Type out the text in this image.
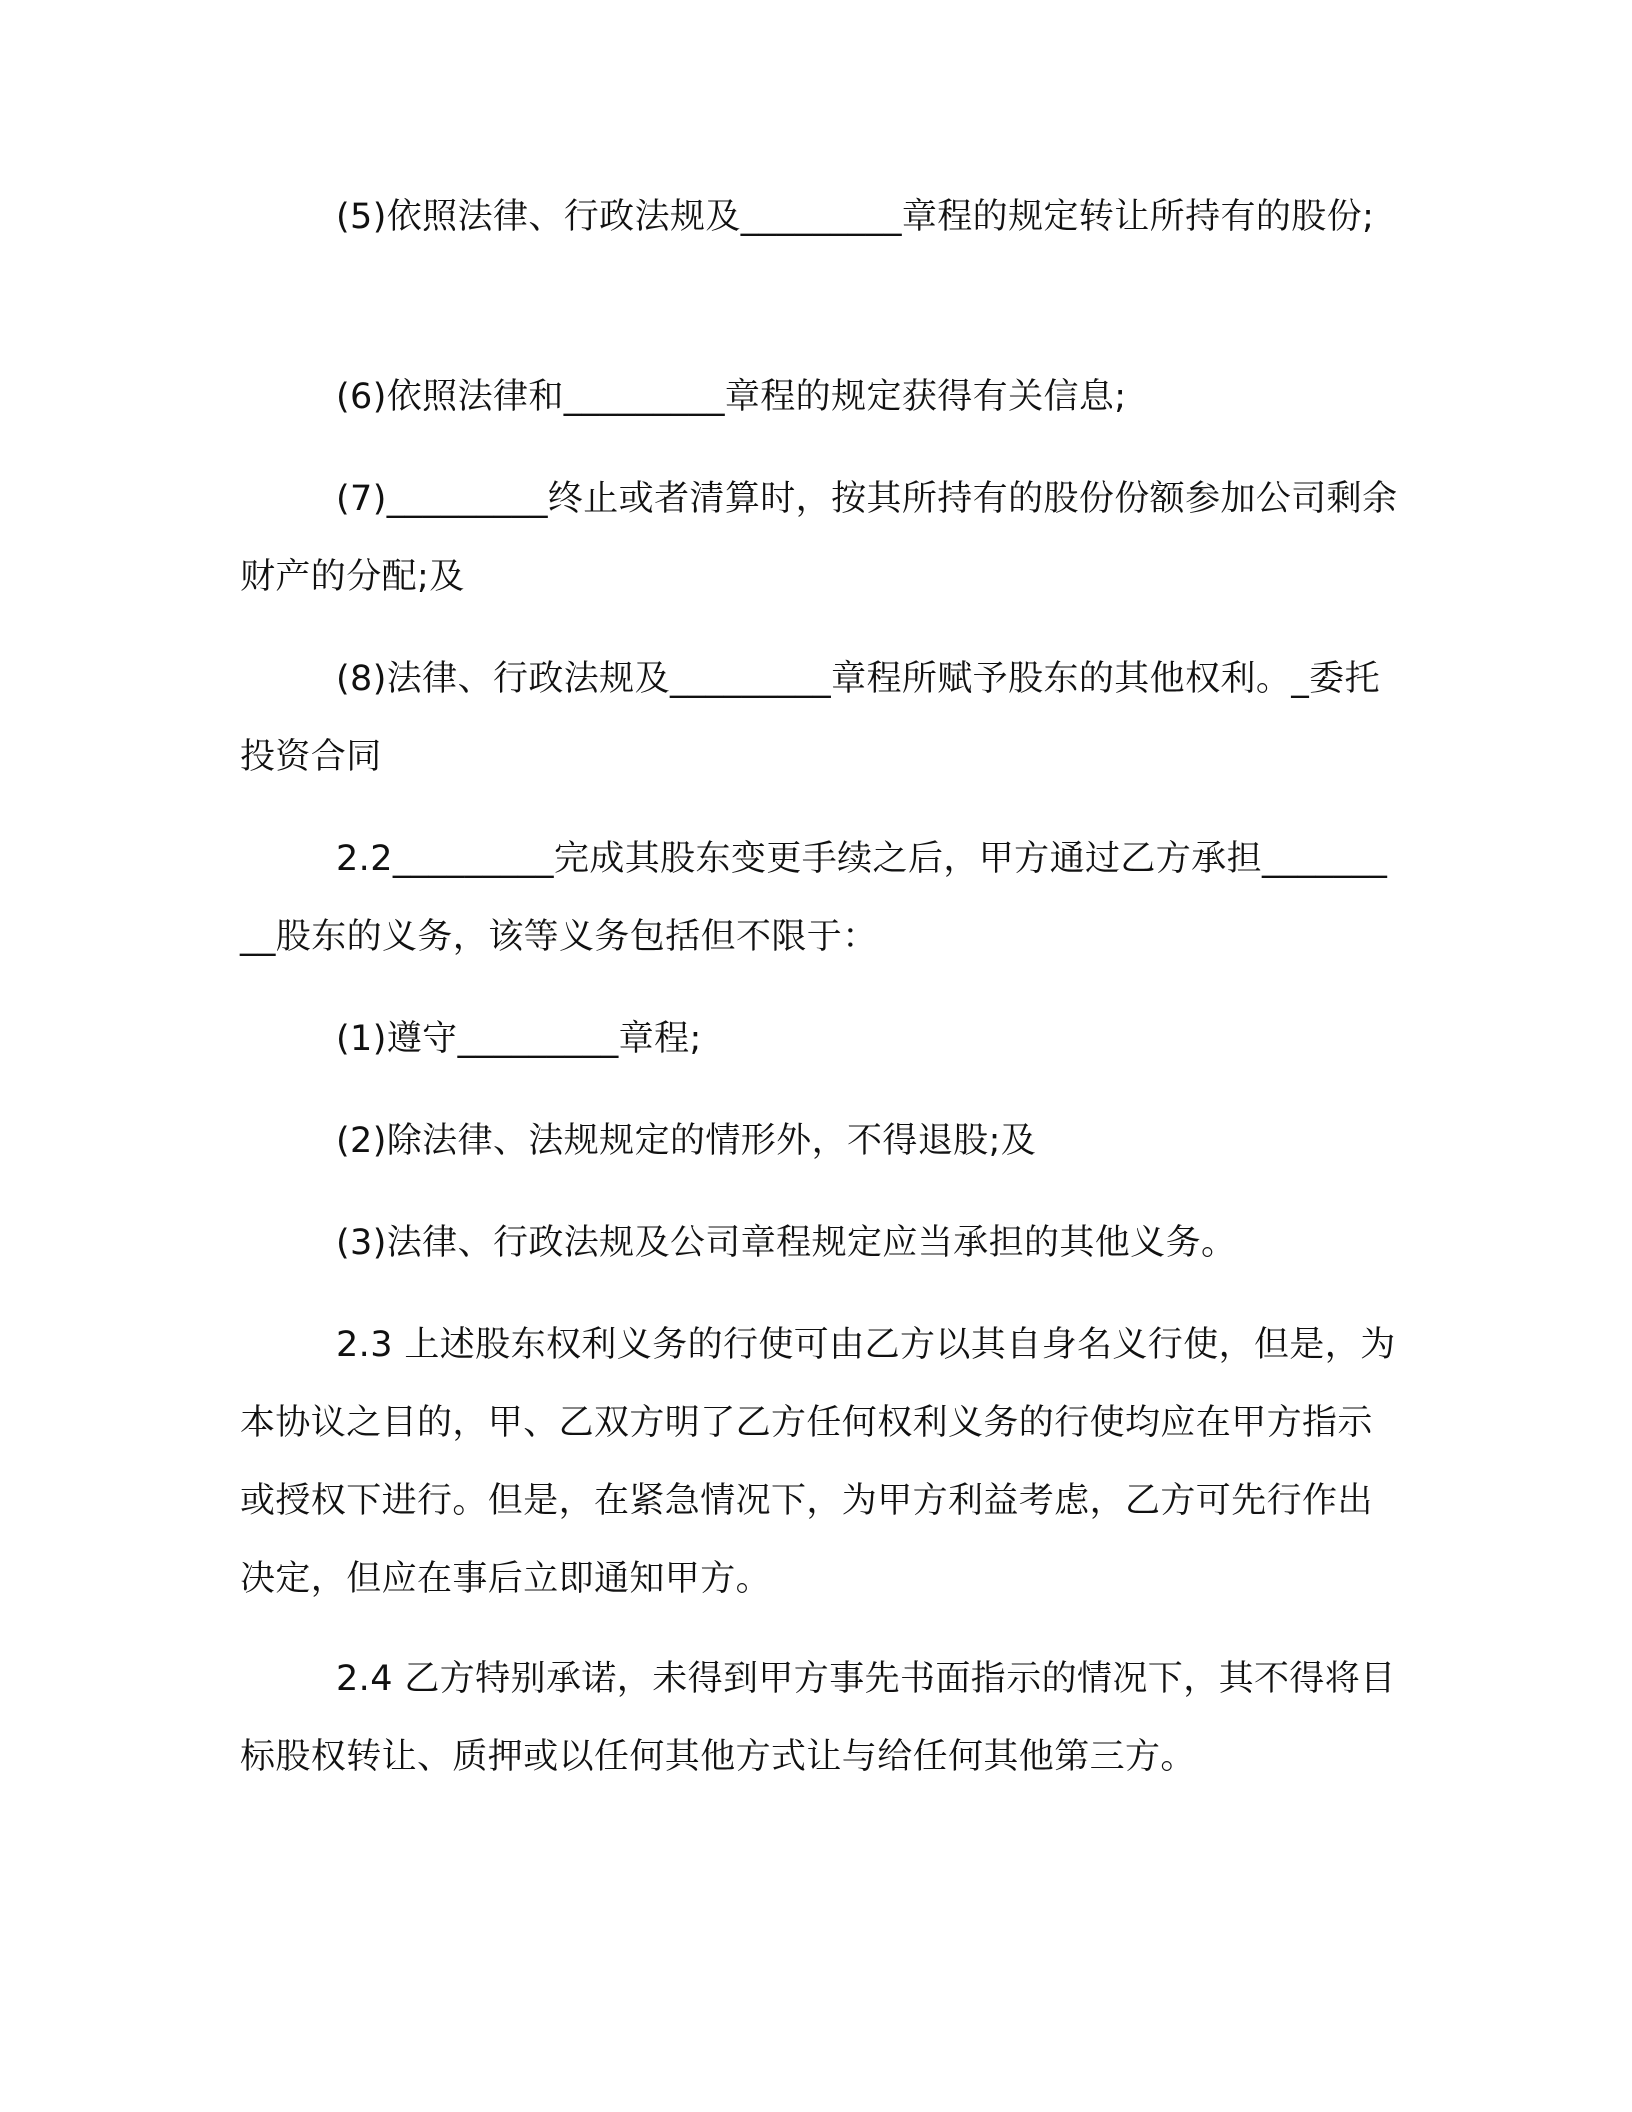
(5)依照法律、行政法规及_________章程的规定转让所持有的股份;

(6)依照法律和_________章程的规定获得有关信息;

(7)_________终止或者清算时，按其所持有的股份份额参加公司剩余财产的分配;及

(8)法律、行政法规及_________章程所赋予股东的其他权利。_委托投资合同

2.2_________完成其股东变更手续之后，甲方通过乙方承担_________股东的义务，该等义务包括但不限于：

(1)遵守_________章程;

(2)除法律、法规规定的情形外，不得退股;及

(3)法律、行政法规及公司章程规定应当承担的其他义务。

2.3 上述股东权利义务的行使可由乙方以其自身名义行使，但是，为本协议之目的，甲、乙双方明了乙方任何权利义务的行使均应在甲方指示或授权下进行。但是，在紧急情况下，为甲方利益考虑，乙方可先行作出决定，但应在事后立即通知甲方。

2.4 乙方特别承诺，未得到甲方事先书面指示的情况下，其不得将目标股权转让、质押或以任何其他方式让与给任何其他第三方。
